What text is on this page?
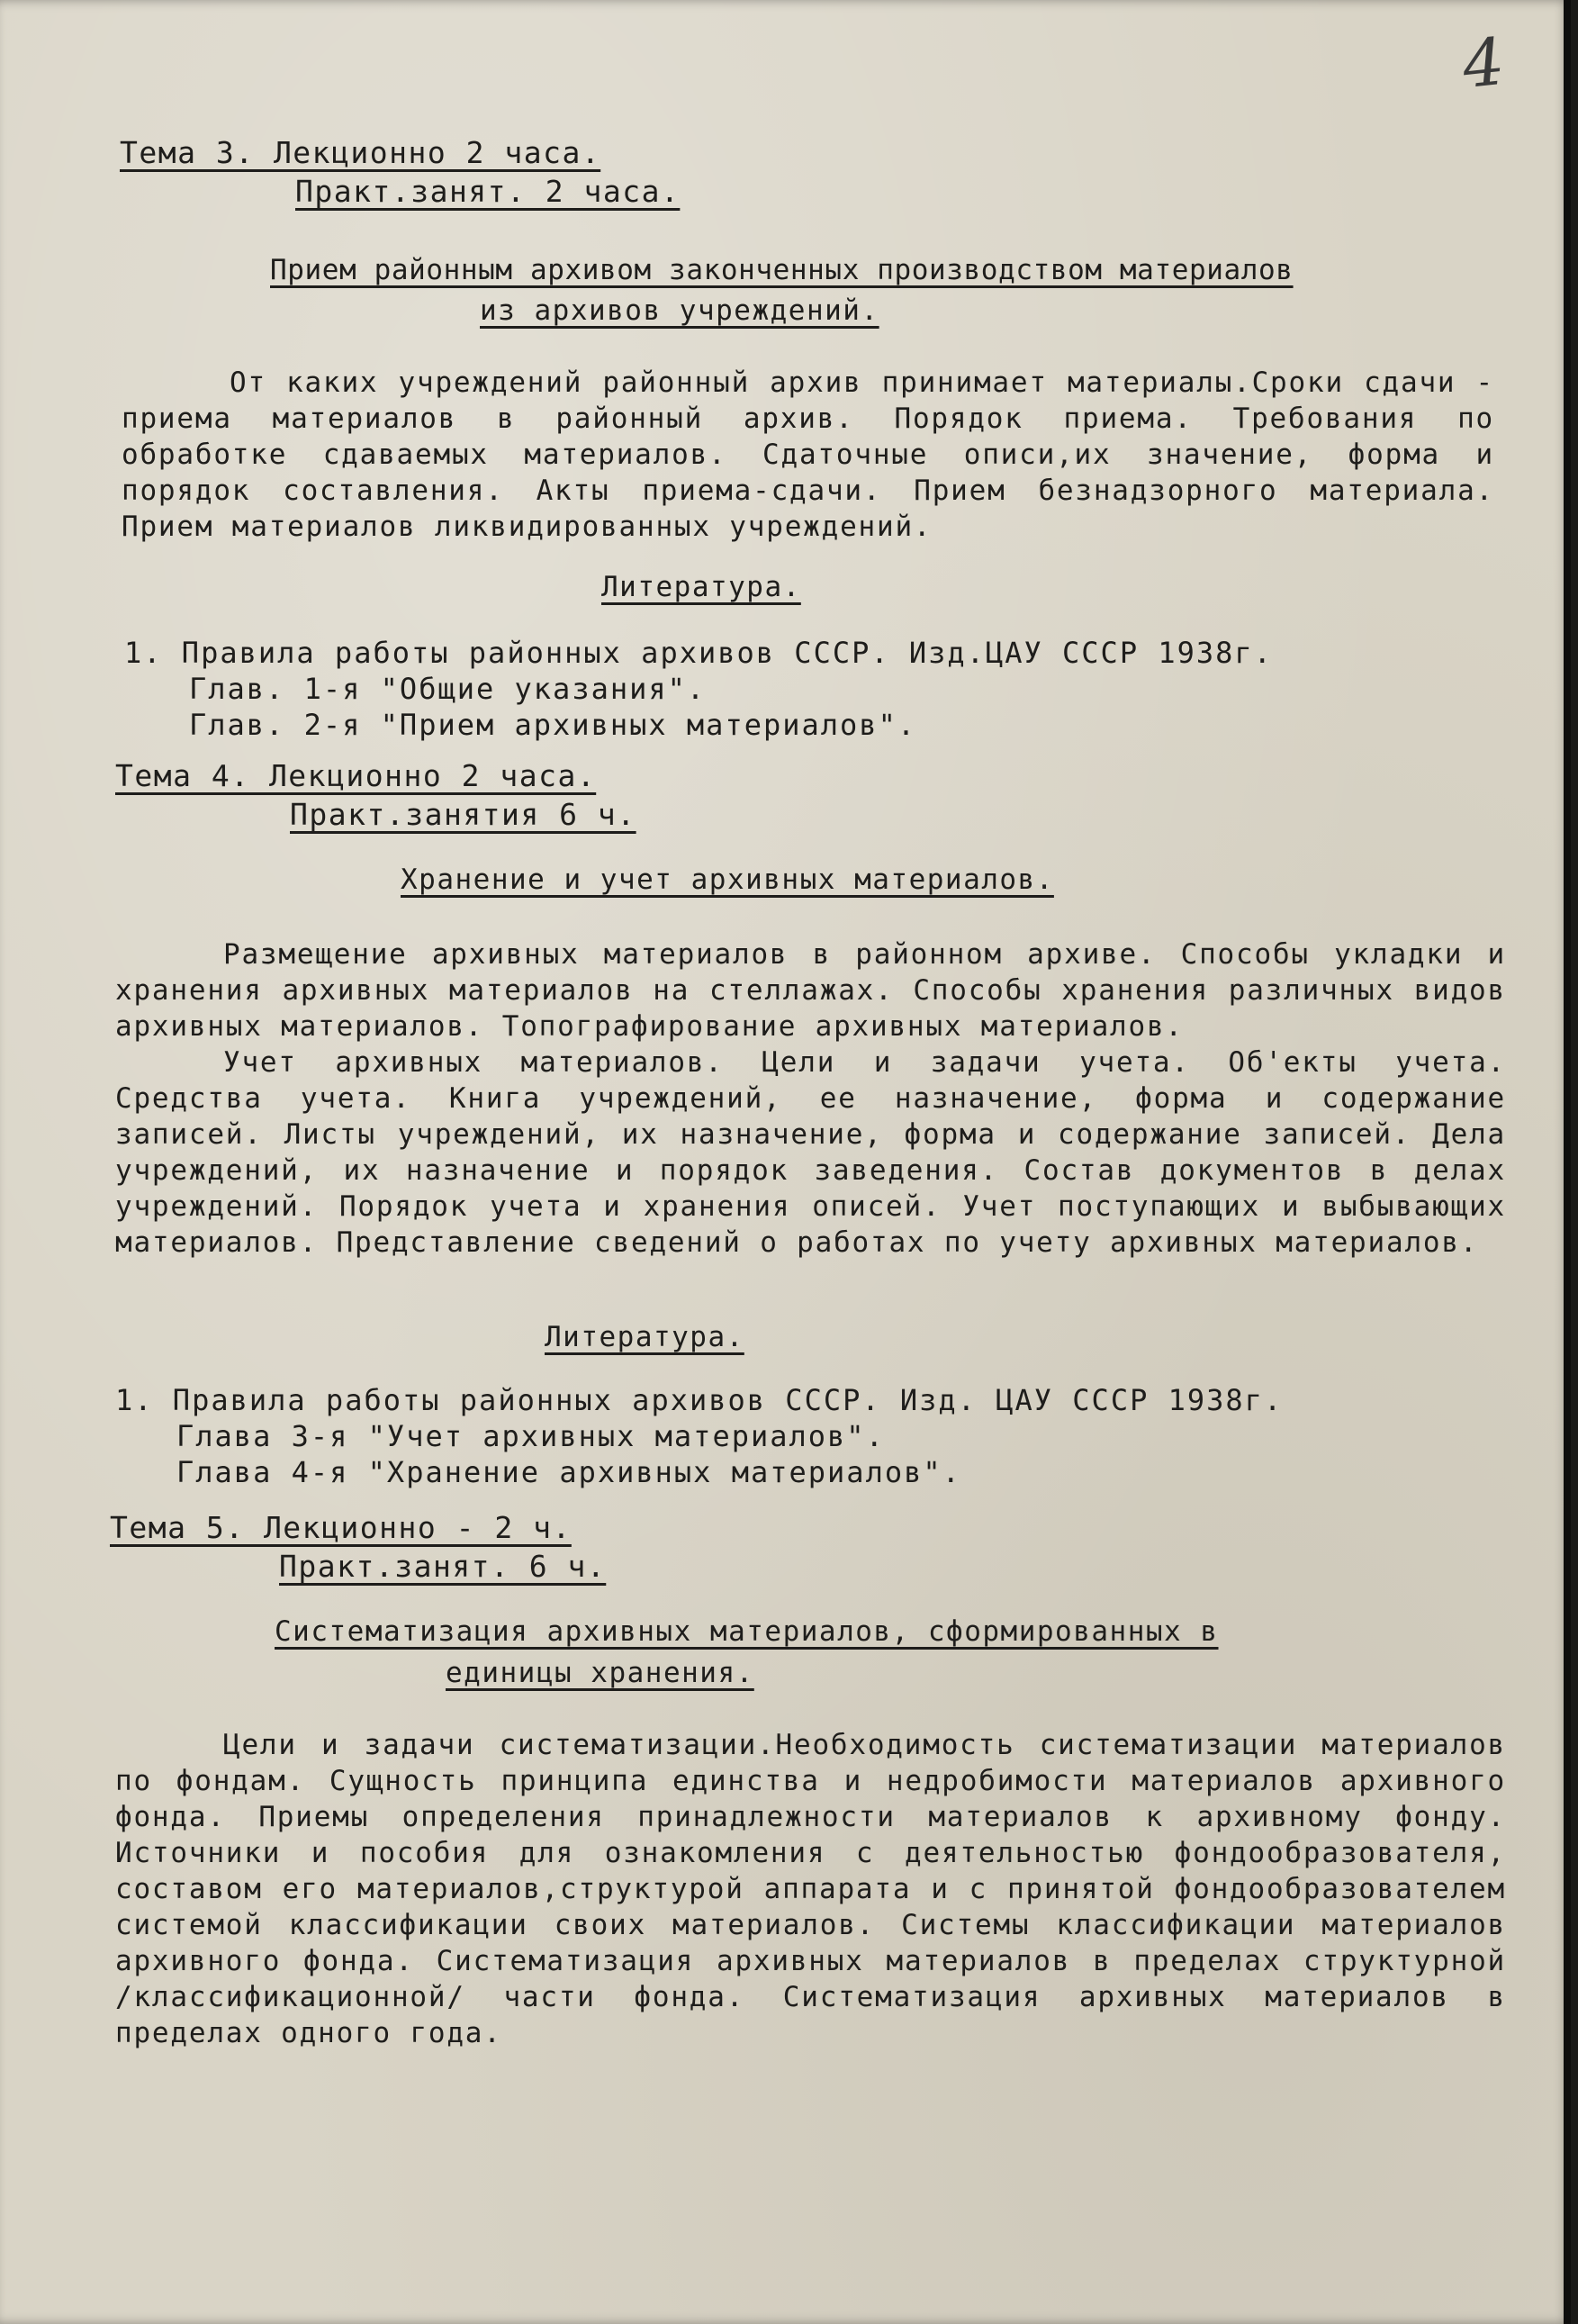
4
Тема 3. Лекционно 2 часа.
Практ.занят. 2 часа.
Прием районным архивом законченных производством материалов
из архивов учреждений.
От каких учреждений районный архив принимает материалы.Сроки сдачи - приема материалов в районный архив. Порядок приема. Требования по обработке сдаваемых материалов. Сдаточные описи,их значение, форма и порядок составления. Акты приема-сдачи. Прием безнадзорного материала. Прием материалов ликвидированных учреждений.
Литература.
1. Правила работы районных архивов СССР. Изд.ЦАУ СССР 1938г.
Глав. 1-я "Общие указания".
Глав. 2-я "Прием архивных материалов".
Тема 4. Лекционно 2 часа.
Практ.занятия 6 ч.
Хранение и учет архивных материалов.
Размещение архивных материалов в районном архиве. Способы укладки и хранения архивных материалов на стеллажах. Способы хранения различных видов архивных материалов. Топографирование архивных материалов.
Учет архивных материалов. Цели и задачи учета. Об'екты учета. Средства учета. Книга учреждений, ее назначение, форма и содержание записей. Листы учреждений, их назначение, форма и содержание записей. Дела учреждений, их назначение и порядок заведения. Состав документов в делах учреждений. Порядок учета и хранения описей. Учет поступающих и выбывающих материалов. Представление сведений о работах по учету архивных материалов.
Литература.
1. Правила работы районных архивов СССР. Изд. ЦАУ СССР 1938г.
Глава 3-я "Учет архивных материалов".
Глава 4-я "Хранение архивных материалов".
Тема 5. Лекционно - 2 ч.
Практ.занят. 6 ч.
Систематизация архивных материалов, сформированных в
единицы хранения.
Цели и задачи систематизации.Необходимость систематизации материалов по фондам. Сущность принципа единства и недробимости материалов архивного фонда. Приемы определения принадлежности материалов к архивному фонду. Источники и пособия для ознакомления с деятельностью фондообразователя, составом его материалов,структурой аппарата и с принятой фондообразователем системой классификации своих материалов. Системы классификации материалов архивного фонда. Систематизация архивных материалов в пределах структурной /классификационной/ части фонда. Систематизация архивных материалов в пределах одного года.
